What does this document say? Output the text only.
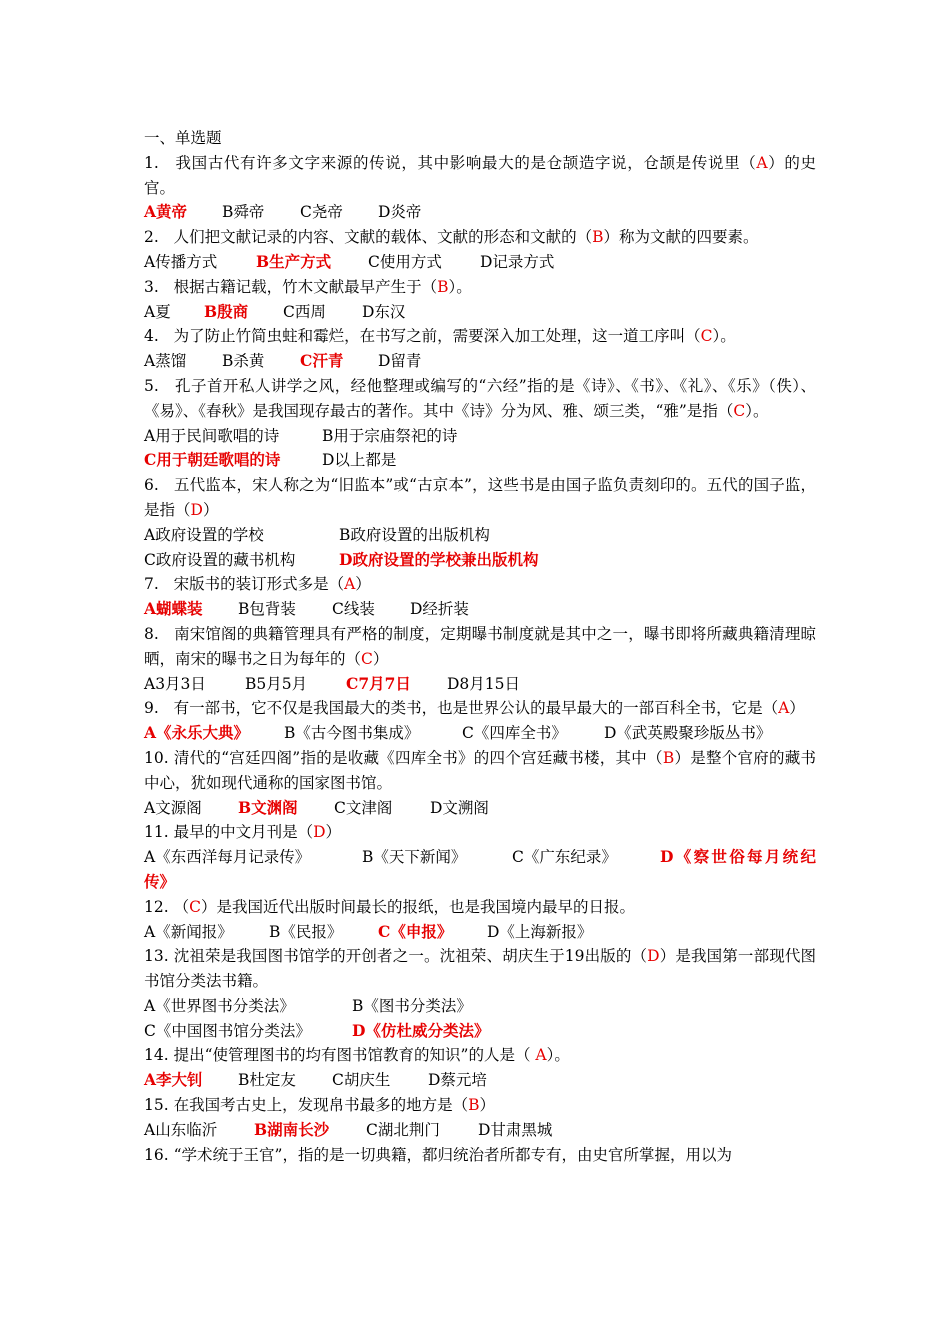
一、单选题
1. 我国古代有许多文字来源的传说，其中影响最大的是仓颉造字说，仓颉是传说里（A）的史官。
A黄帝 B舜帝 C尧帝 D炎帝
2. 人们把文献记录的内容、文献的载体、文献的形态和文献的（B）称为文献的四要素。
A传播方式	B生产方式 C使用方式 D记录方式
3. 根据古籍记载，竹木文献最早产生于（B）。
A夏 B殷商 C西周 D东汉
4. 为了防止竹简虫蛀和霉烂，在书写之前，需要深入加工处理，这一道工序叫（C）。
A蒸馏 B杀黄 C汗青 D留青
5. 孔子首开私人讲学之风，经他整理或编写的“六经”指的是《诗》、《书》、《礼》、《乐》（佚）、《易》、《春秋》是我国现存最古的著作。其中《诗》分为风、雅、颂三类，“雅”是指（C）。
A用于民间歌唱的诗	B用于宗庙祭祀的诗
C用于朝廷歌唱的诗	D以上都是
6. 五代监本，宋人称之为“旧监本”或“古京本”，这些书是由国子监负责刻印的。五代的国子监，是指（D）
A政府设置的学校	B政府设置的出版机构
C政府设置的藏书机构	D政府设置的学校兼出版机构
7. 宋版书的装订形式多是（A）
A蝴蝶装 B包背装 C线装 D经折装
8. 南宋馆阁的典籍管理具有严格的制度，定期曝书制度就是其中之一，曝书即将所藏典籍清理晾晒，南宋的曝书之日为每年的（C）
A3月3日	B5月5月	C7月7日 D8月15日
9. 有一部书，它不仅是我国最大的类书，也是世界公认的最早最大的一部百科全书，它是（A）
A《永乐大典》 B《古今图书集成》	C《四库全书》 D《武英殿聚珍版丛书》
10. 清代的“宫廷四阁”指的是收藏《四库全书》的四个宫廷藏书楼，其中（B）是整个官府的藏书中心，犹如现代通称的国家图书馆。
A文源阁 B文渊阁 C文津阁 D文溯阁
11. 最早的中文月刊是（D）
A《东西洋每月记录传》	B《天下新闻》	C《广东纪录》	D《察世俗每月统纪传》
12. （C）是我国近代出版时间最长的报纸，也是我国境内最早的日报。
A《新闻报》 B《民报》 C《申报》 D《上海新报》
13. 沈祖荣是我国图书馆学的开创者之一。沈祖荣、胡庆生于19出版的（D）是我国第一部现代图书馆分类法书籍。
A《世界图书分类法》	B《图书分类法》
C《中国图书馆分类法》	D《仿杜威分类法》
14. 提出“使管理图书的均有图书馆教育的知识”的人是（ A）。
A李大钊 B杜定友 C胡庆生 D蔡元培
15. 在我国考古史上，发现帛书最多的地方是（B）
A山东临沂 B湖南长沙 C湖北荆门 D甘肃黑城
16. “学术统于王官”，指的是一切典籍，都归统治者所都专有，由史官所掌握，用以为
